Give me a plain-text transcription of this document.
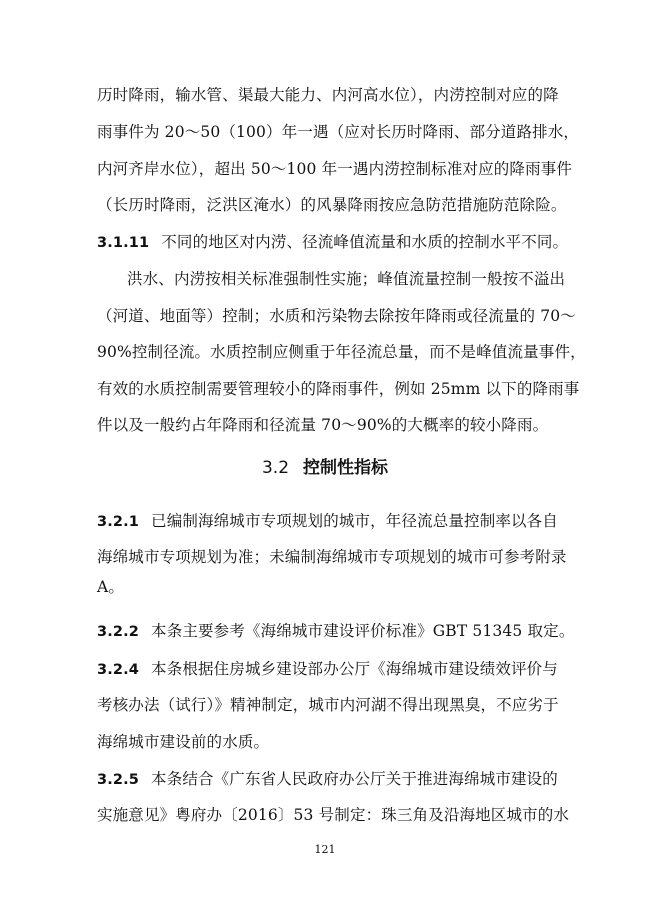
历时降雨，输水管、渠最大能力、内河高水位），内涝控制对应的降
雨事件为 20～50（100）年一遇（应对长历时降雨、部分道路排水，
内河齐岸水位），超出 50～100 年一遇内涝控制标准对应的降雨事件
（长历时降雨，泛洪区淹水）的风暴降雨按应急防范措施防范除险。
3.1.11 不同的地区对内涝、径流峰值流量和水质的控制水平不同。
洪水、内涝按相关标准强制性实施；峰值流量控制一般按不溢出
（河道、地面等）控制；水质和污染物去除按年降雨或径流量的 70～
90%控制径流。水质控制应侧重于年径流总量，而不是峰值流量事件，
有效的水质控制需要管理较小的降雨事件，例如 25mm 以下的降雨事
件以及一般约占年降雨和径流量 70～90%的大概率的较小降雨。
3.2 控制性指标
3.2.1 已编制海绵城市专项规划的城市，年径流总量控制率以各自
海绵城市专项规划为准；未编制海绵城市专项规划的城市可参考附录
A。
3.2.2 本条主要参考《海绵城市建设评价标准》GBT 51345 取定。
3.2.4 本条根据住房城乡建设部办公厅《海绵城市建设绩效评价与
考核办法（试行）》精神制定，城市内河湖不得出现黑臭，不应劣于
海绵城市建设前的水质。
3.2.5 本条结合《广东省人民政府办公厅关于推进海绵城市建设的
实施意见》粤府办〔2016〕53 号制定：珠三角及沿海地区城市的水
121
